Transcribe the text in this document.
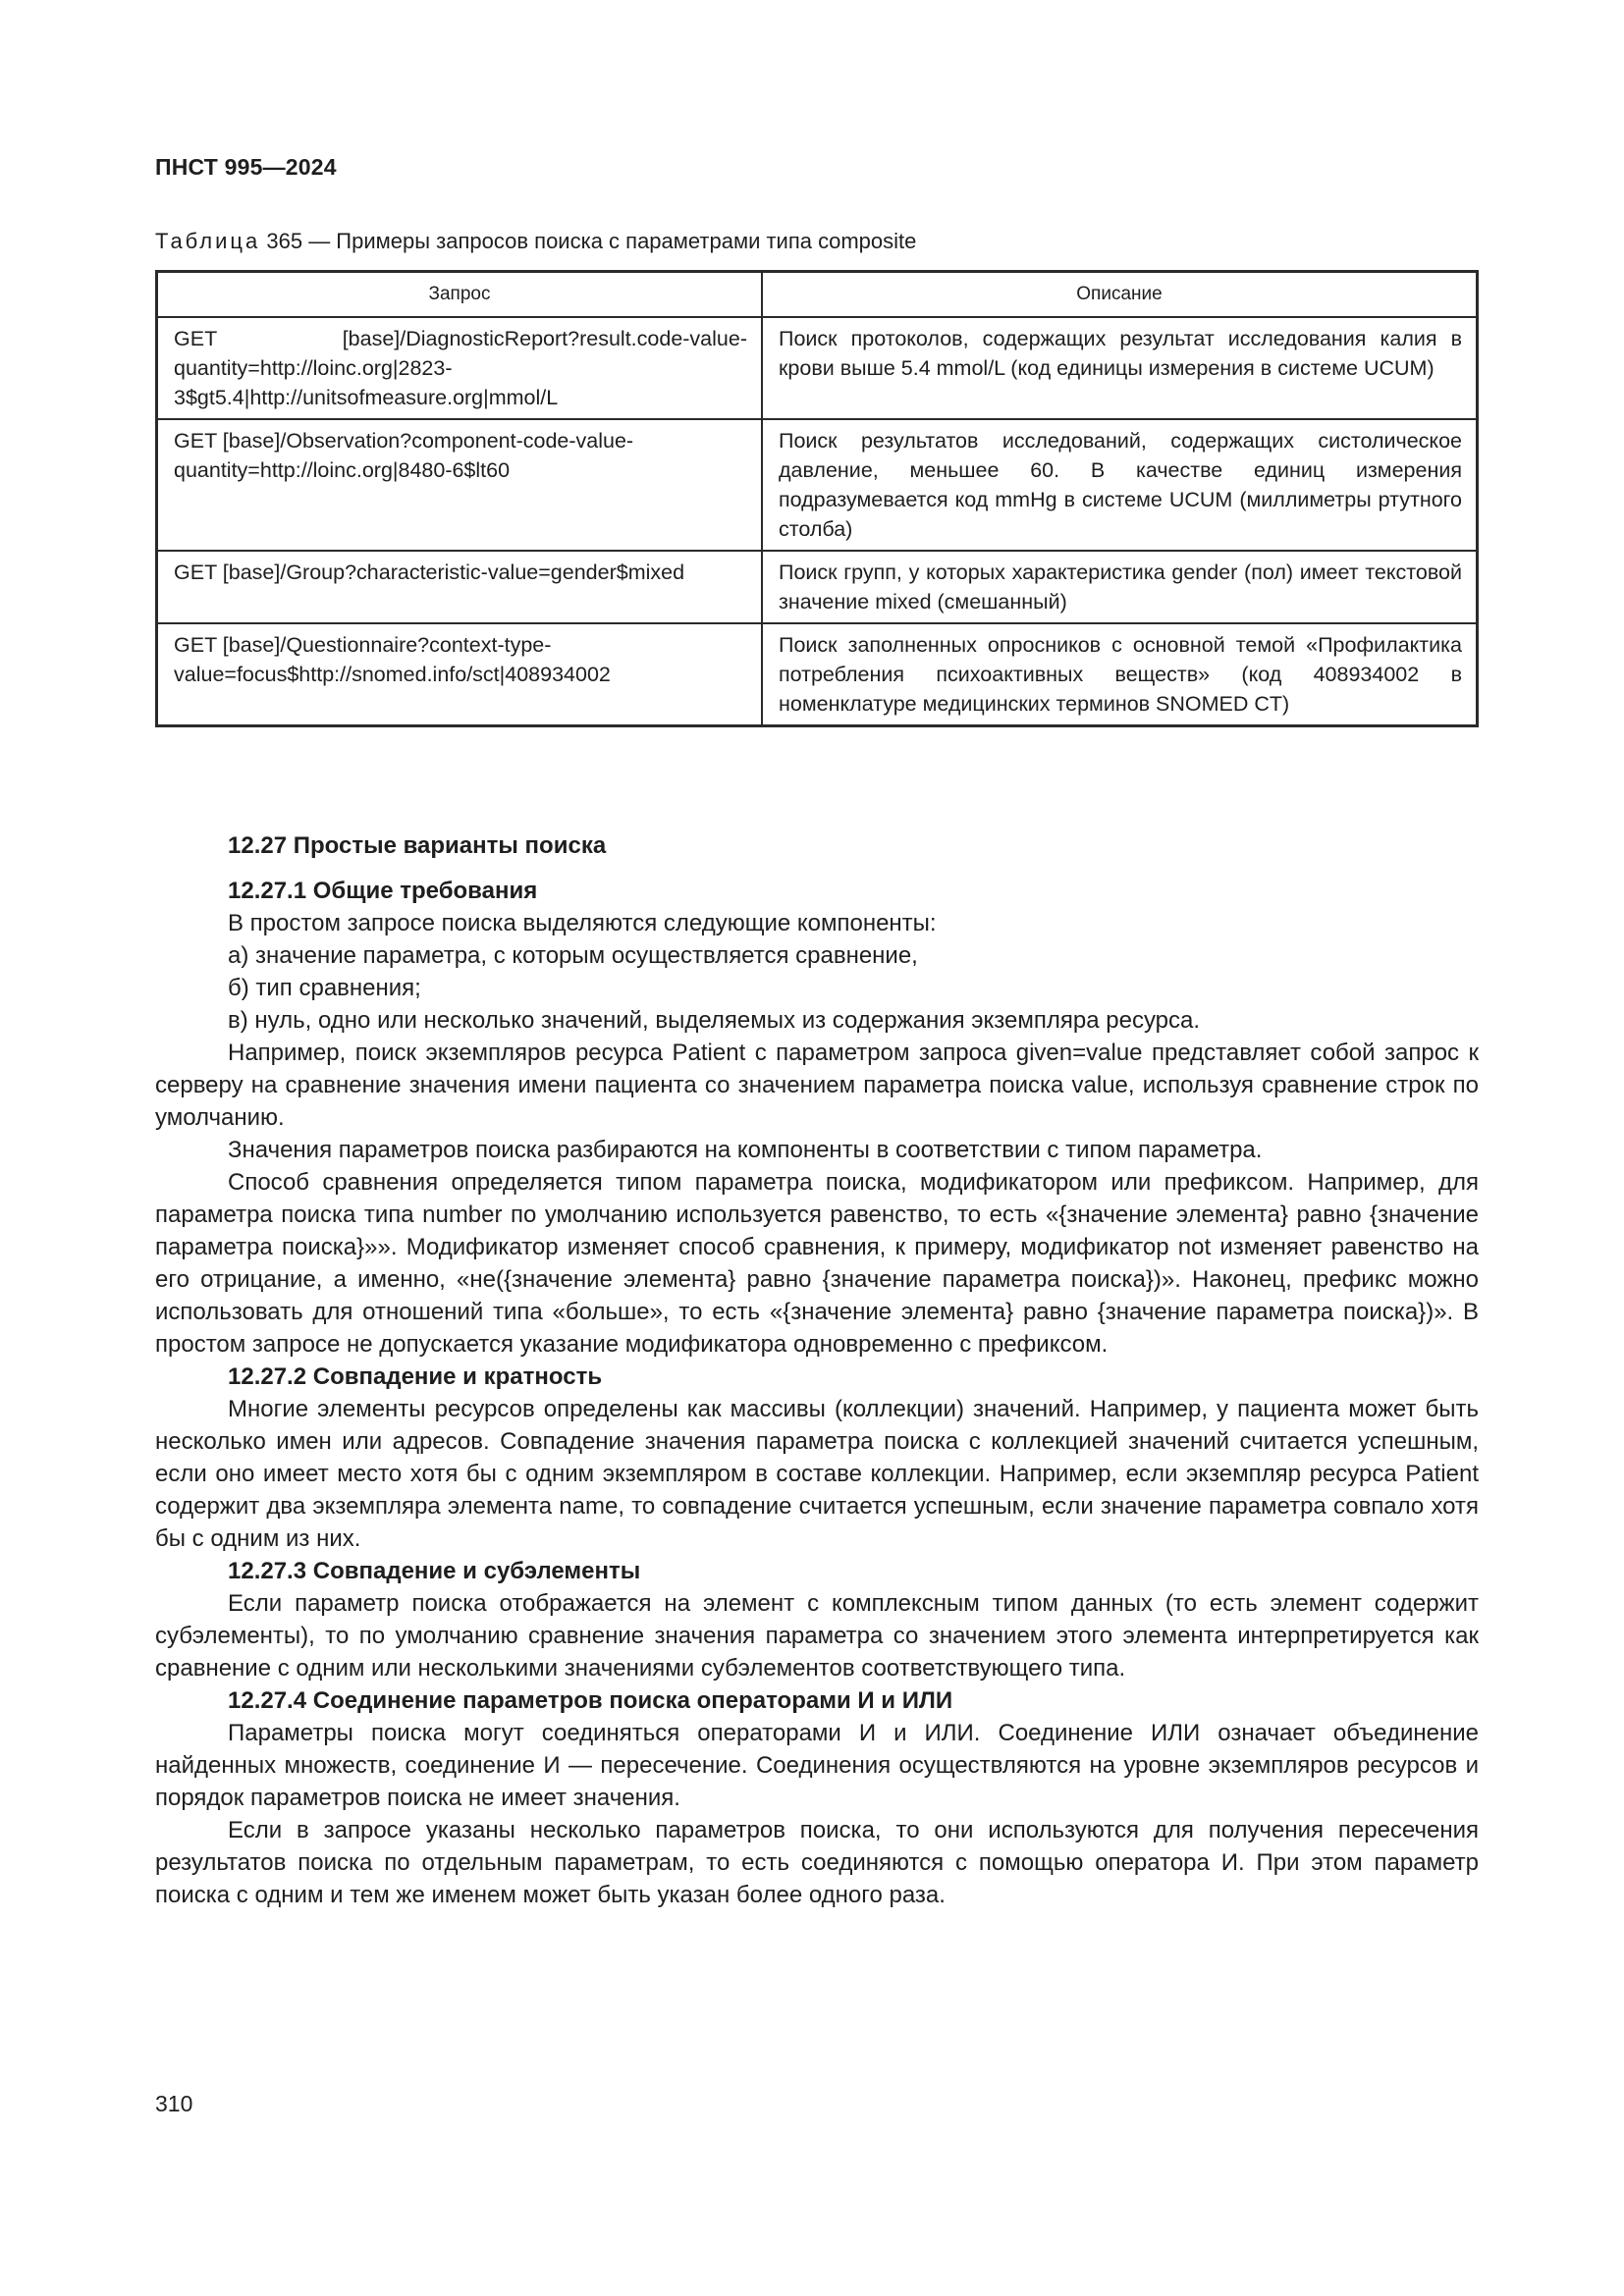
ПНСТ 995—2024
Таблица 365 — Примеры запросов поиска с параметрами типа composite
Запрос	Описание
GET [base]/DiagnosticReport?result.code-value-quantity=http://loinc.org|2823-3$gt5.4|http://unitsofmeasure.org|mmol/L	Поиск протоколов, содержащих результат исследования калия в крови выше 5.4 mmol/L (код единицы измерения в системе UCUM)
GET [base]/Observation?component-code-value-quantity=http://loinc.org|8480-6$lt60	Поиск результатов исследований, содержащих систолическое давление, меньшее 60. В качестве единиц измерения подразумевается код mmHg в системе UCUM (миллиметры ртутного столба)
GET [base]/Group?characteristic-value=gender$mixed	Поиск групп, у которых характеристика gender (пол) имеет текстовой значение mixed (смешанный)
GET [base]/Questionnaire?context-type-value=focus$http://snomed.info/sct|408934002	Поиск заполненных опросников с основной темой «Профилактика потребления психоактивных веществ» (код 408934002 в номенклатуре медицинских терминов SNOMED CT)

12.27 Простые варианты поиска

12.27.1 Общие требования

В простом запросе поиска выделяются следующие компоненты:

а) значение параметра, с которым осуществляется сравнение,

б) тип сравнения;

в) нуль, одно или несколько значений, выделяемых из содержания экземпляра ресурса.

Например, поиск экземпляров ресурса Patient с параметром запроса given=value представляет собой запрос к серверу на сравнение значения имени пациента со значением параметра поиска value, используя сравнение строк по умолчанию.

Значения параметров поиска разбираются на компоненты в соответствии с типом параметра.

Способ сравнения определяется типом параметра поиска, модификатором или префиксом. Например, для параметра поиска типа number по умолчанию используется равенство, то есть «{значение элемента} равно {значение параметра поиска}»». Модификатор изменяет способ сравнения, к примеру, модификатор not изменяет равенство на его отрицание, а именно, «не({значение элемента} равно {значение параметра поиска})». Наконец, префикс можно использовать для отношений типа «больше», то есть «{значение элемента} равно {значение параметра поиска})». В простом запросе не допускается указание модификатора одновременно с префиксом.

12.27.2 Совпадение и кратность

Многие элементы ресурсов определены как массивы (коллекции) значений. Например, у пациента может быть несколько имен или адресов. Совпадение значения параметра поиска с коллекцией значений считается успешным, если оно имеет место хотя бы с одним экземпляром в составе коллекции. Например, если экземпляр ресурса Patient содержит два экземпляра элемента name, то совпадение считается успешным, если значение параметра совпало хотя бы с одним из них.

12.27.3 Совпадение и субэлементы

Если параметр поиска отображается на элемент с комплексным типом данных (то есть элемент содержит субэлементы), то по умолчанию сравнение значения параметра со значением этого элемента интерпретируется как сравнение с одним или несколькими значениями субэлементов соответствующего типа.

12.27.4 Соединение параметров поиска операторами И и ИЛИ

Параметры поиска могут соединяться операторами И и ИЛИ. Соединение ИЛИ означает объединение найденных множеств, соединение И — пересечение. Соединения осуществляются на уровне экземпляров ресурсов и порядок параметров поиска не имеет значения.

Если в запросе указаны несколько параметров поиска, то они используются для получения пересечения результатов поиска по отдельным параметрам, то есть соединяются с помощью оператора И. При этом параметр поиска с одним и тем же именем может быть указан более одного раза.

310
